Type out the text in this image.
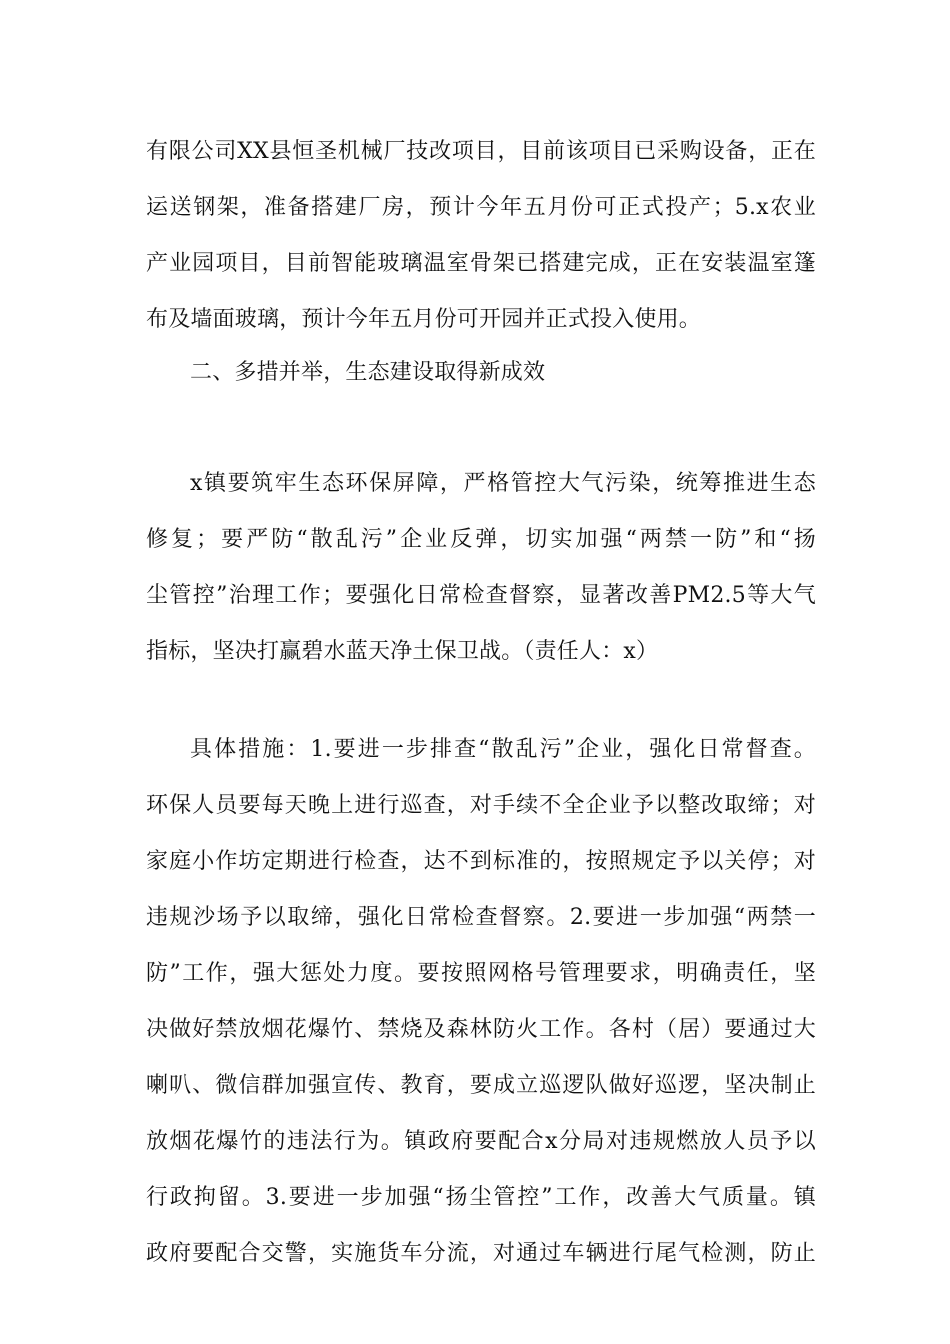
有限公司XX县恒圣机械厂技改项目，目前该项目已采购设备，正在
运送钢架，准备搭建厂房，预计今年五月份可正式投产；5.x农业
产业园项目，目前智能玻璃温室骨架已搭建完成，正在安装温室篷
布及墙面玻璃，预计今年五月份可开园并正式投入使用。
二、多措并举，生态建设取得新成效
x镇要筑牢生态环保屏障，严格管控大气污染，统筹推进生态
修复；要严防“散乱污”企业反弹，切实加强“两禁一防”和“扬
尘管控”治理工作；要强化日常检查督察，显著改善PM2.5等大气
指标，坚决打赢碧水蓝天净土保卫战。（责任人：x）
具体措施：1.要进一步排查“散乱污”企业，强化日常督查。
环保人员要每天晚上进行巡查，对手续不全企业予以整改取缔；对
家庭小作坊定期进行检查，达不到标准的，按照规定予以关停；对
违规沙场予以取缔，强化日常检查督察。2.要进一步加强“两禁一
防”工作，强大惩处力度。要按照网格号管理要求，明确责任，坚
决做好禁放烟花爆竹、禁烧及森林防火工作。各村（居）要通过大
喇叭、微信群加强宣传、教育，要成立巡逻队做好巡逻，坚决制止
放烟花爆竹的违法行为。镇政府要配合x分局对违规燃放人员予以
行政拘留。3.要进一步加强“扬尘管控”工作，改善大气质量。镇
政府要配合交警，实施货车分流，对通过车辆进行尾气检测，防止
